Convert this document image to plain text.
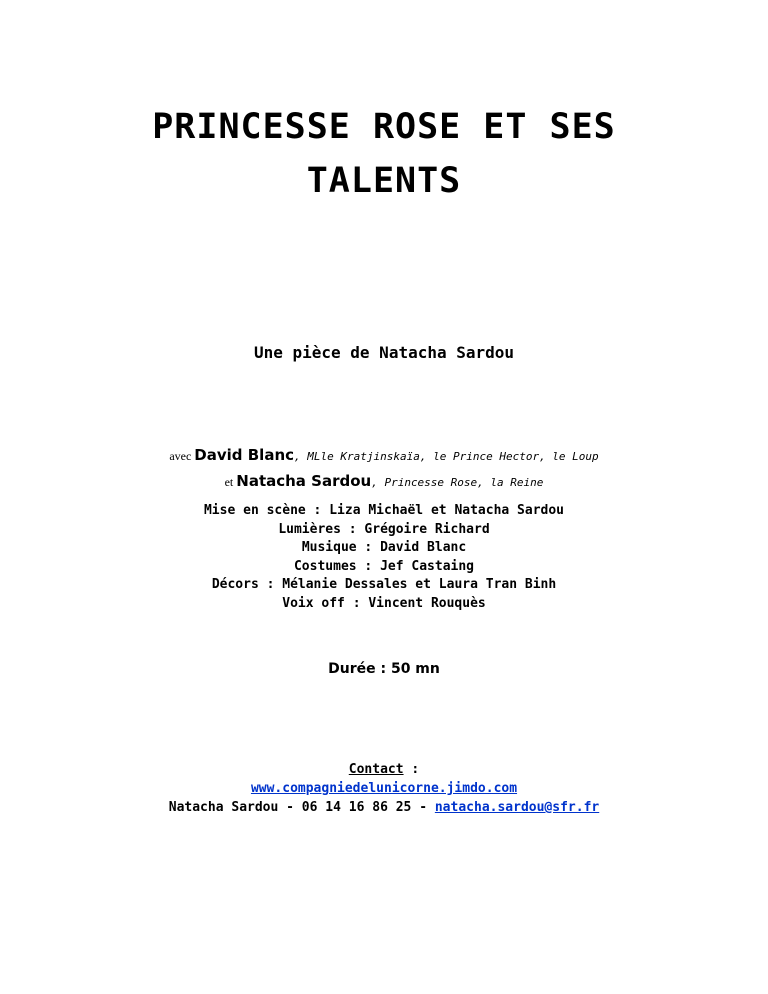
PRINCESSE ROSE ET SES
TALENTS
Une pièce de Natacha Sardou
avec David Blanc, MLle Kratjinskaïa, le Prince Hector, le Loup
et Natacha Sardou, Princesse Rose, la Reine
Mise en scène : Liza Michaël et Natacha Sardou
Lumières : Grégoire Richard
Musique : David Blanc
Costumes : Jef Castaing
Décors : Mélanie Dessales et Laura Tran Binh
Voix off : Vincent Rouquès
Durée : 50 mn
Contact :
www.compagniedelunicorne.jimdo.com
Natacha Sardou - 06 14 16 86 25 - natacha.sardou@sfr.fr
